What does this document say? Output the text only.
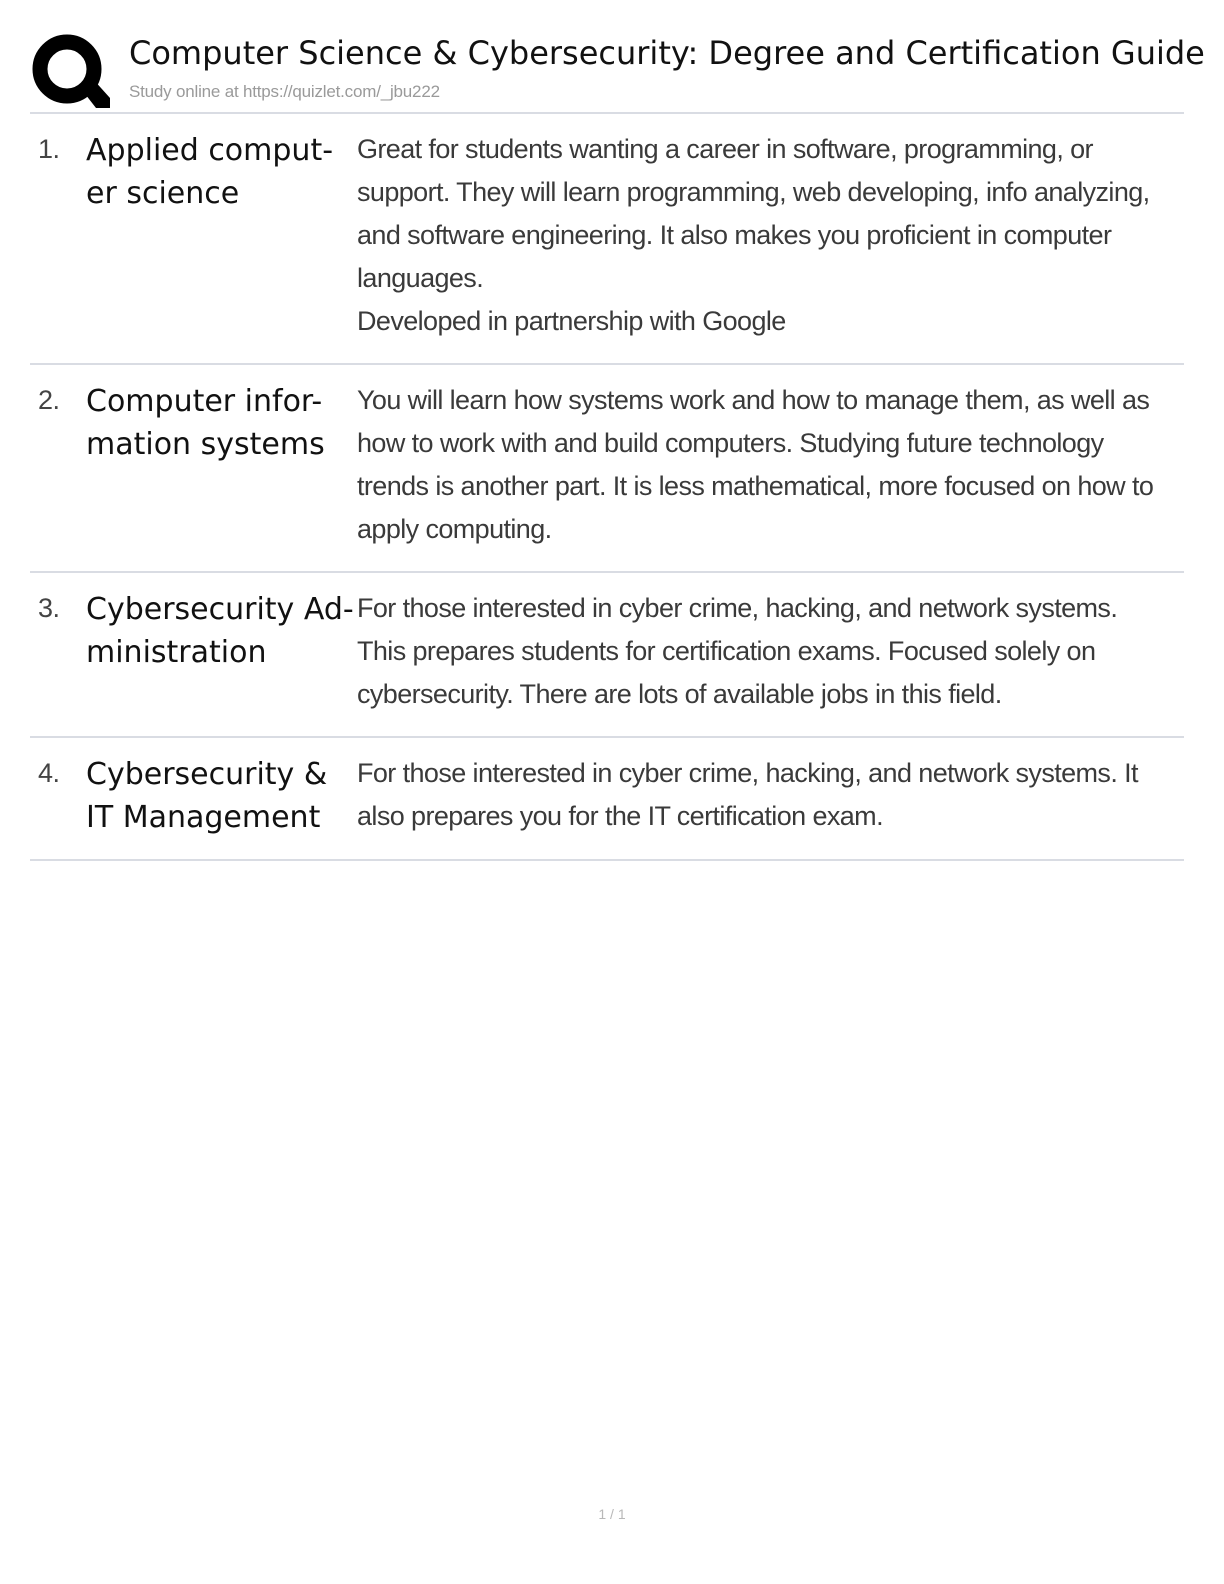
Computer Science & Cybersecurity: Degree and Certification Guide
Study online at https://quizlet.com/_jbu222
1. Applied comput-
er science
Great for students wanting a career in software, programming, or support. They will learn programming, web developing, info analyzing, and software engineering. It also makes you proficient in computer languages.
Developed in partnership with Google
2. Computer infor-
mation systems
You will learn how systems work and how to manage them, as well as how to work with and build computers. Studying future technology trends is another part. It is less mathematical, more focused on how to apply computing.
3. Cybersecurity Ad-
ministration
For those interested in cyber crime, hacking, and network systems. This prepares students for certification exams. Focused solely on cybersecurity. There are lots of available jobs in this field.
4. Cybersecurity &
IT Management
For those interested in cyber crime, hacking, and network systems. It also prepares you for the IT certification exam.
1 / 1
